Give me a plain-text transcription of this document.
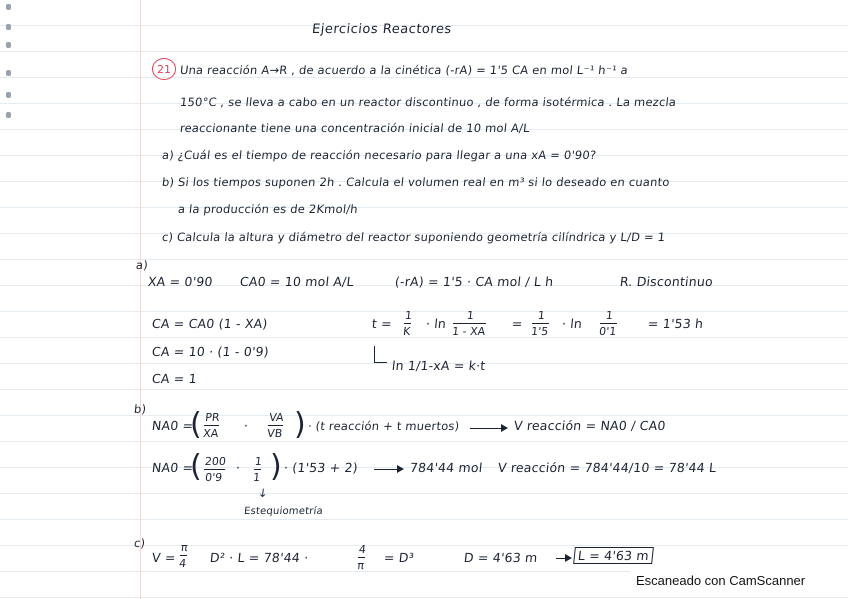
Ejercicios Reactores
21 Una reacción A→R , de acuerdo a la cinética (-rA) = 1'5 CA en mol L⁻¹ h⁻¹ a
150°C , se lleva a cabo en un reactor discontinuo , de forma isotérmica . La mezcla
reaccionante tiene una concentración inicial de 10 mol A/L
a) ¿Cuál es el tiempo de reacción necesario para llegar a una xA = 0'90?
b) Si los tiempos suponen 2h . Calcula el volumen real en m³ si lo deseado en cuanto
a la producción es de 2Kmol/h
c) Calcula la altura y diámetro del reactor suponiendo geometría cilíndrica y L/D = 1
a)
XA = 0'90 CA0 = 10 mol A/L	(-rA) = 1'5 · CA mol / L h	R. Discontinuo
CA = CA0 (1 - XA)
CA = 10 · (1 - 0'9)
CA = 1
t =
1
K
· ln
1
1 - XA
=
1
1'5
· ln
1
0'1
= 1'53 h
ln 1/1-xA = k·t
b)
NA0 =
( PR
XA
·
VA
VB ) · (t reacción + t muertos)	V reacción = NA0 / CA0
NA0 =
( 200
0'9
· 1
1 ) · (1'53 + 2)	784'44 mol V reacción = 784'44/10 = 78'44 L
↓
Estequiometría
c)
V =
π
4 D² · L = 78'44 ·
4
π
= D³	D = 4'63 m	L = 4'63 m
Escaneado con CamScanner
